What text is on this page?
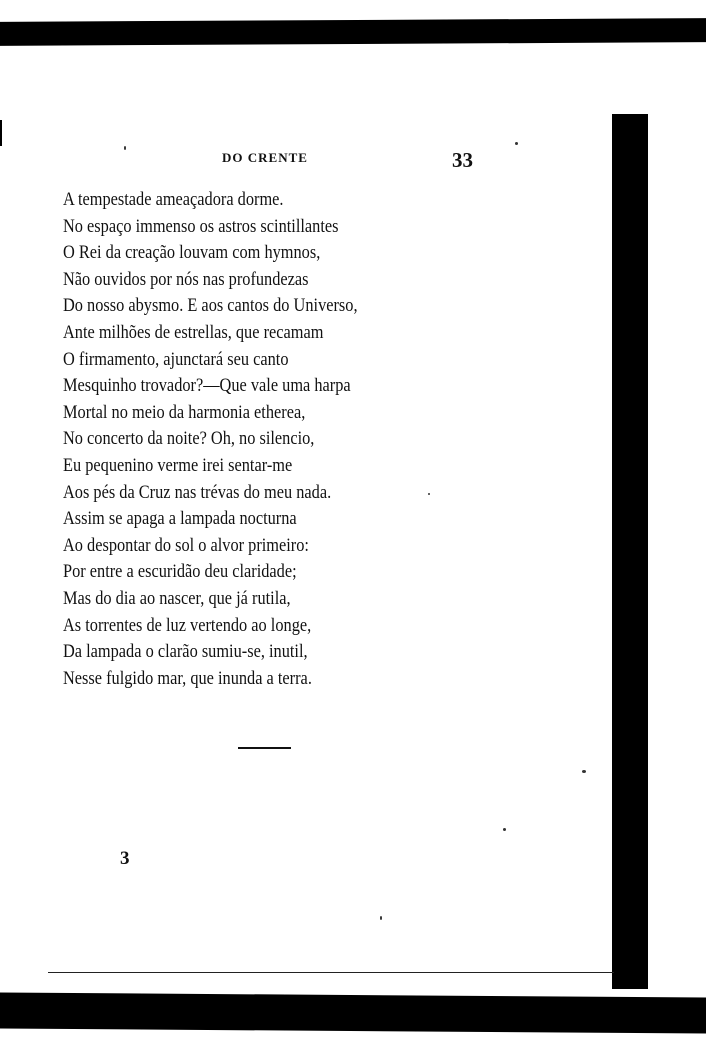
DO CRENTE	33
A tempestade ameaçadora dorme.
No espaço immenso os astros scintillantes
O Rei da creação louvam com hymnos,
Não ouvidos por nós nas profundezas
Do nosso abysmo. E aos cantos do Universo,
Ante milhões de estrellas, que recamam
O firmamento, ajunctará seu canto
Mesquinho trovador?—Que vale uma harpa
Mortal no meio da harmonia etherea,
No concerto da noite? Oh, no silencio,
Eu pequenino verme irei sentar-me
Aos pés da Cruz nas trévas do meu nada.
Assim se apaga a lampada nocturna
Ao despontar do sol o alvor primeiro:
Por entre a escuridão deu claridade;
Mas do dia ao nascer, que já rutila,
As torrentes de luz vertendo ao longe,
Da lampada o clarão sumiu-se, inutil,
Nesse fulgido mar, que inunda a terra.
3
